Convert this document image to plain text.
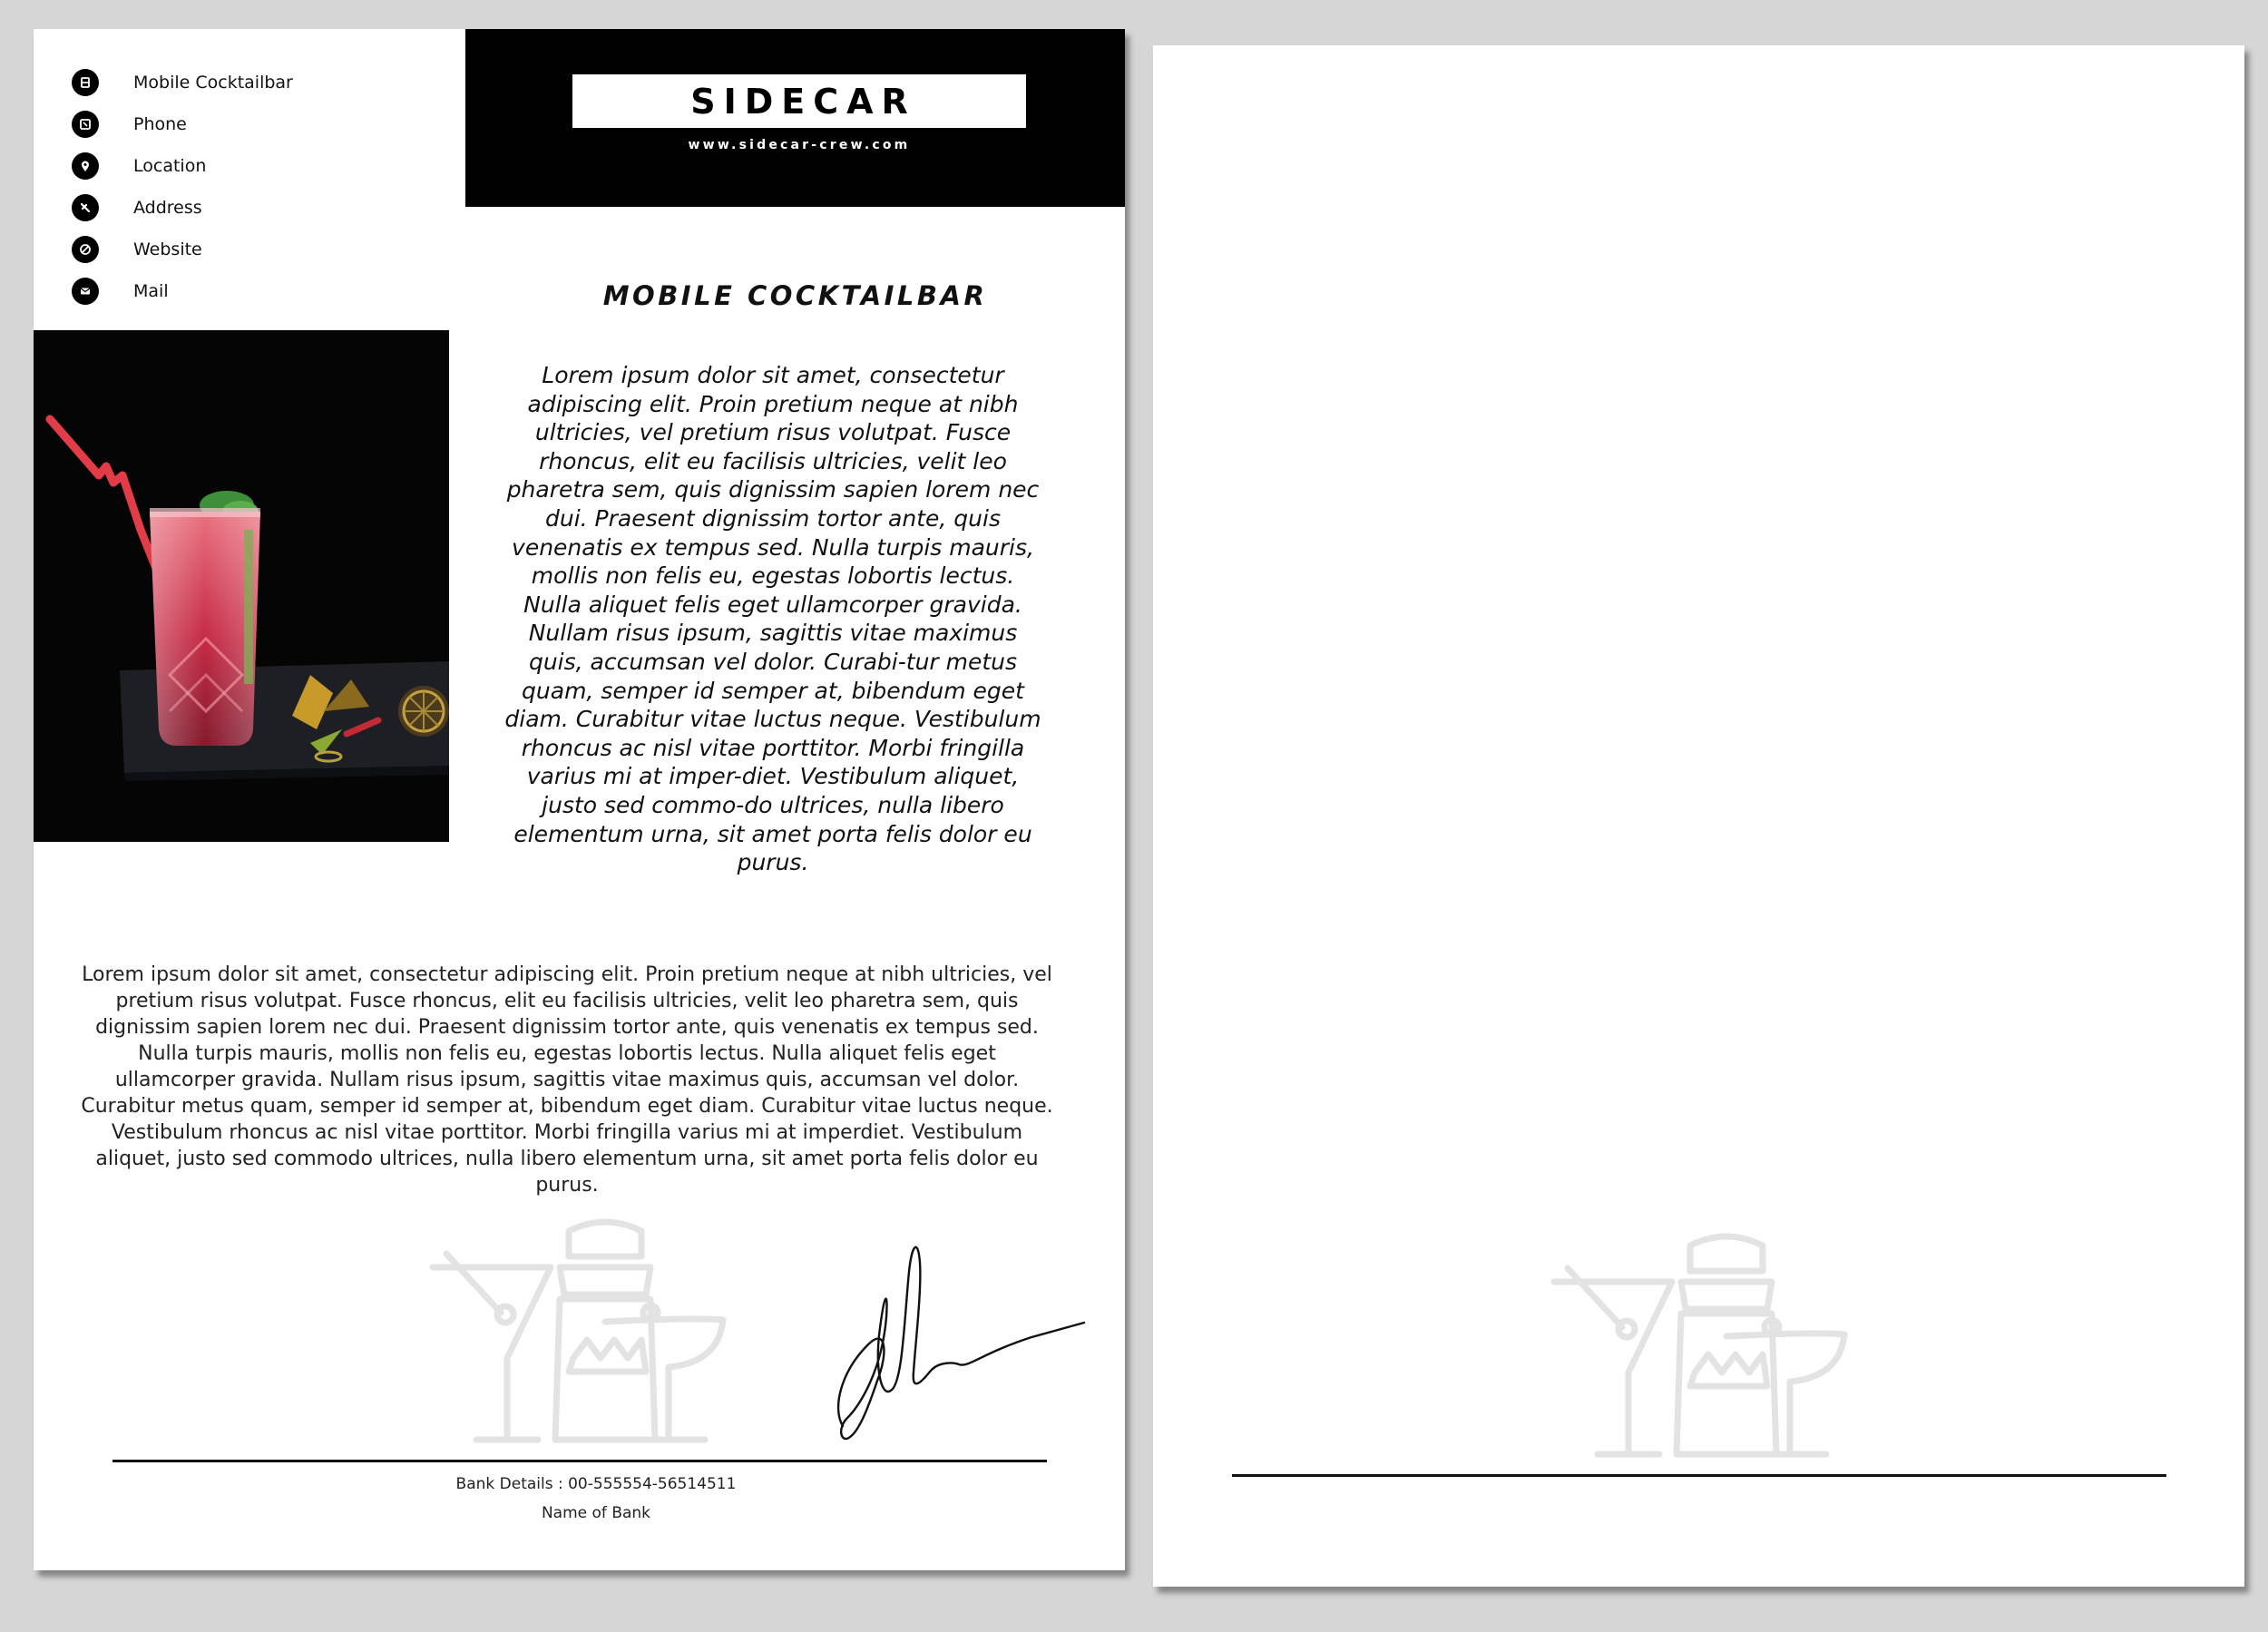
Mobile Cocktailbar
Phone
Location
Address
Website
Mail
SIDECAR
www.sidecar-crew.com
MOBILE COCKTAILBAR
Lorem ipsum dolor sit amet, consectetur adipiscing elit. Proin pretium neque at nibh ultricies, vel pretium risus volutpat. Fusce rhoncus, elit eu facilisis ultricies, velit leo pharetra sem, quis dignissim sapien lorem nec dui. Praesent dignissim tortor ante, quis venenatis ex tempus sed. Nulla turpis mauris, mollis non felis eu, egestas lobortis lectus. Nulla aliquet felis eget ullamcorper gravida. Nullam risus ipsum, sagittis vitae maximus quis, accumsan vel dolor. Curabi-tur metus quam, semper id semper at, bibendum eget diam. Curabitur vitae luctus neque. Vestibulum rhoncus ac nisl vitae porttitor. Morbi fringilla varius mi at imper-diet. Vestibulum aliquet, justo sed commo-do ultrices, nulla libero elementum urna, sit amet porta felis dolor eu purus.
Lorem ipsum dolor sit amet, consectetur adipiscing elit. Proin pretium neque at nibh ultricies, vel pretium risus volutpat. Fusce rhoncus, elit eu facilisis ultricies, velit leo pharetra sem, quis dignissim sapien lorem nec dui. Praesent dignissim tortor ante, quis venenatis ex tempus sed. Nulla turpis mauris, mollis non felis eu, egestas lobortis lectus. Nulla aliquet felis eget ullamcorper gravida. Nullam risus ipsum, sagittis vitae maximus quis, accumsan vel dolor. Curabitur metus quam, semper id semper at, bibendum eget diam. Curabitur vitae luctus neque. Vestibulum rhoncus ac nisl vitae porttitor. Morbi fringilla varius mi at imperdiet. Vestibulum aliquet, justo sed commodo ultrices, nulla libero elementum urna, sit amet porta felis dolor eu purus.
Bank Details : 00-555554-56514511
Name of Bank
